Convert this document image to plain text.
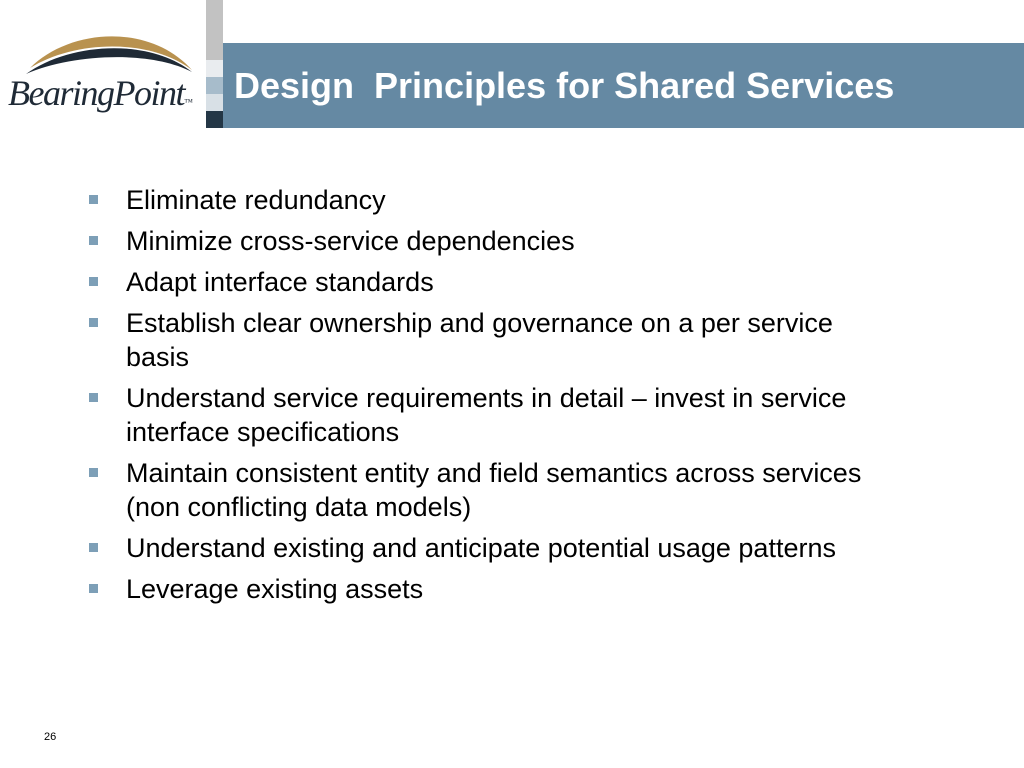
BearingPoint™ Design  Principles for Shared Services
Eliminate redundancy
Minimize cross-service dependencies
Adapt interface standards
Establish clear ownership and governance on a per service basis
Understand service requirements in detail – invest in service interface specifications
Maintain consistent entity and field semantics across services (non conflicting data models)
Understand existing and anticipate potential usage patterns
Leverage existing assets
26
